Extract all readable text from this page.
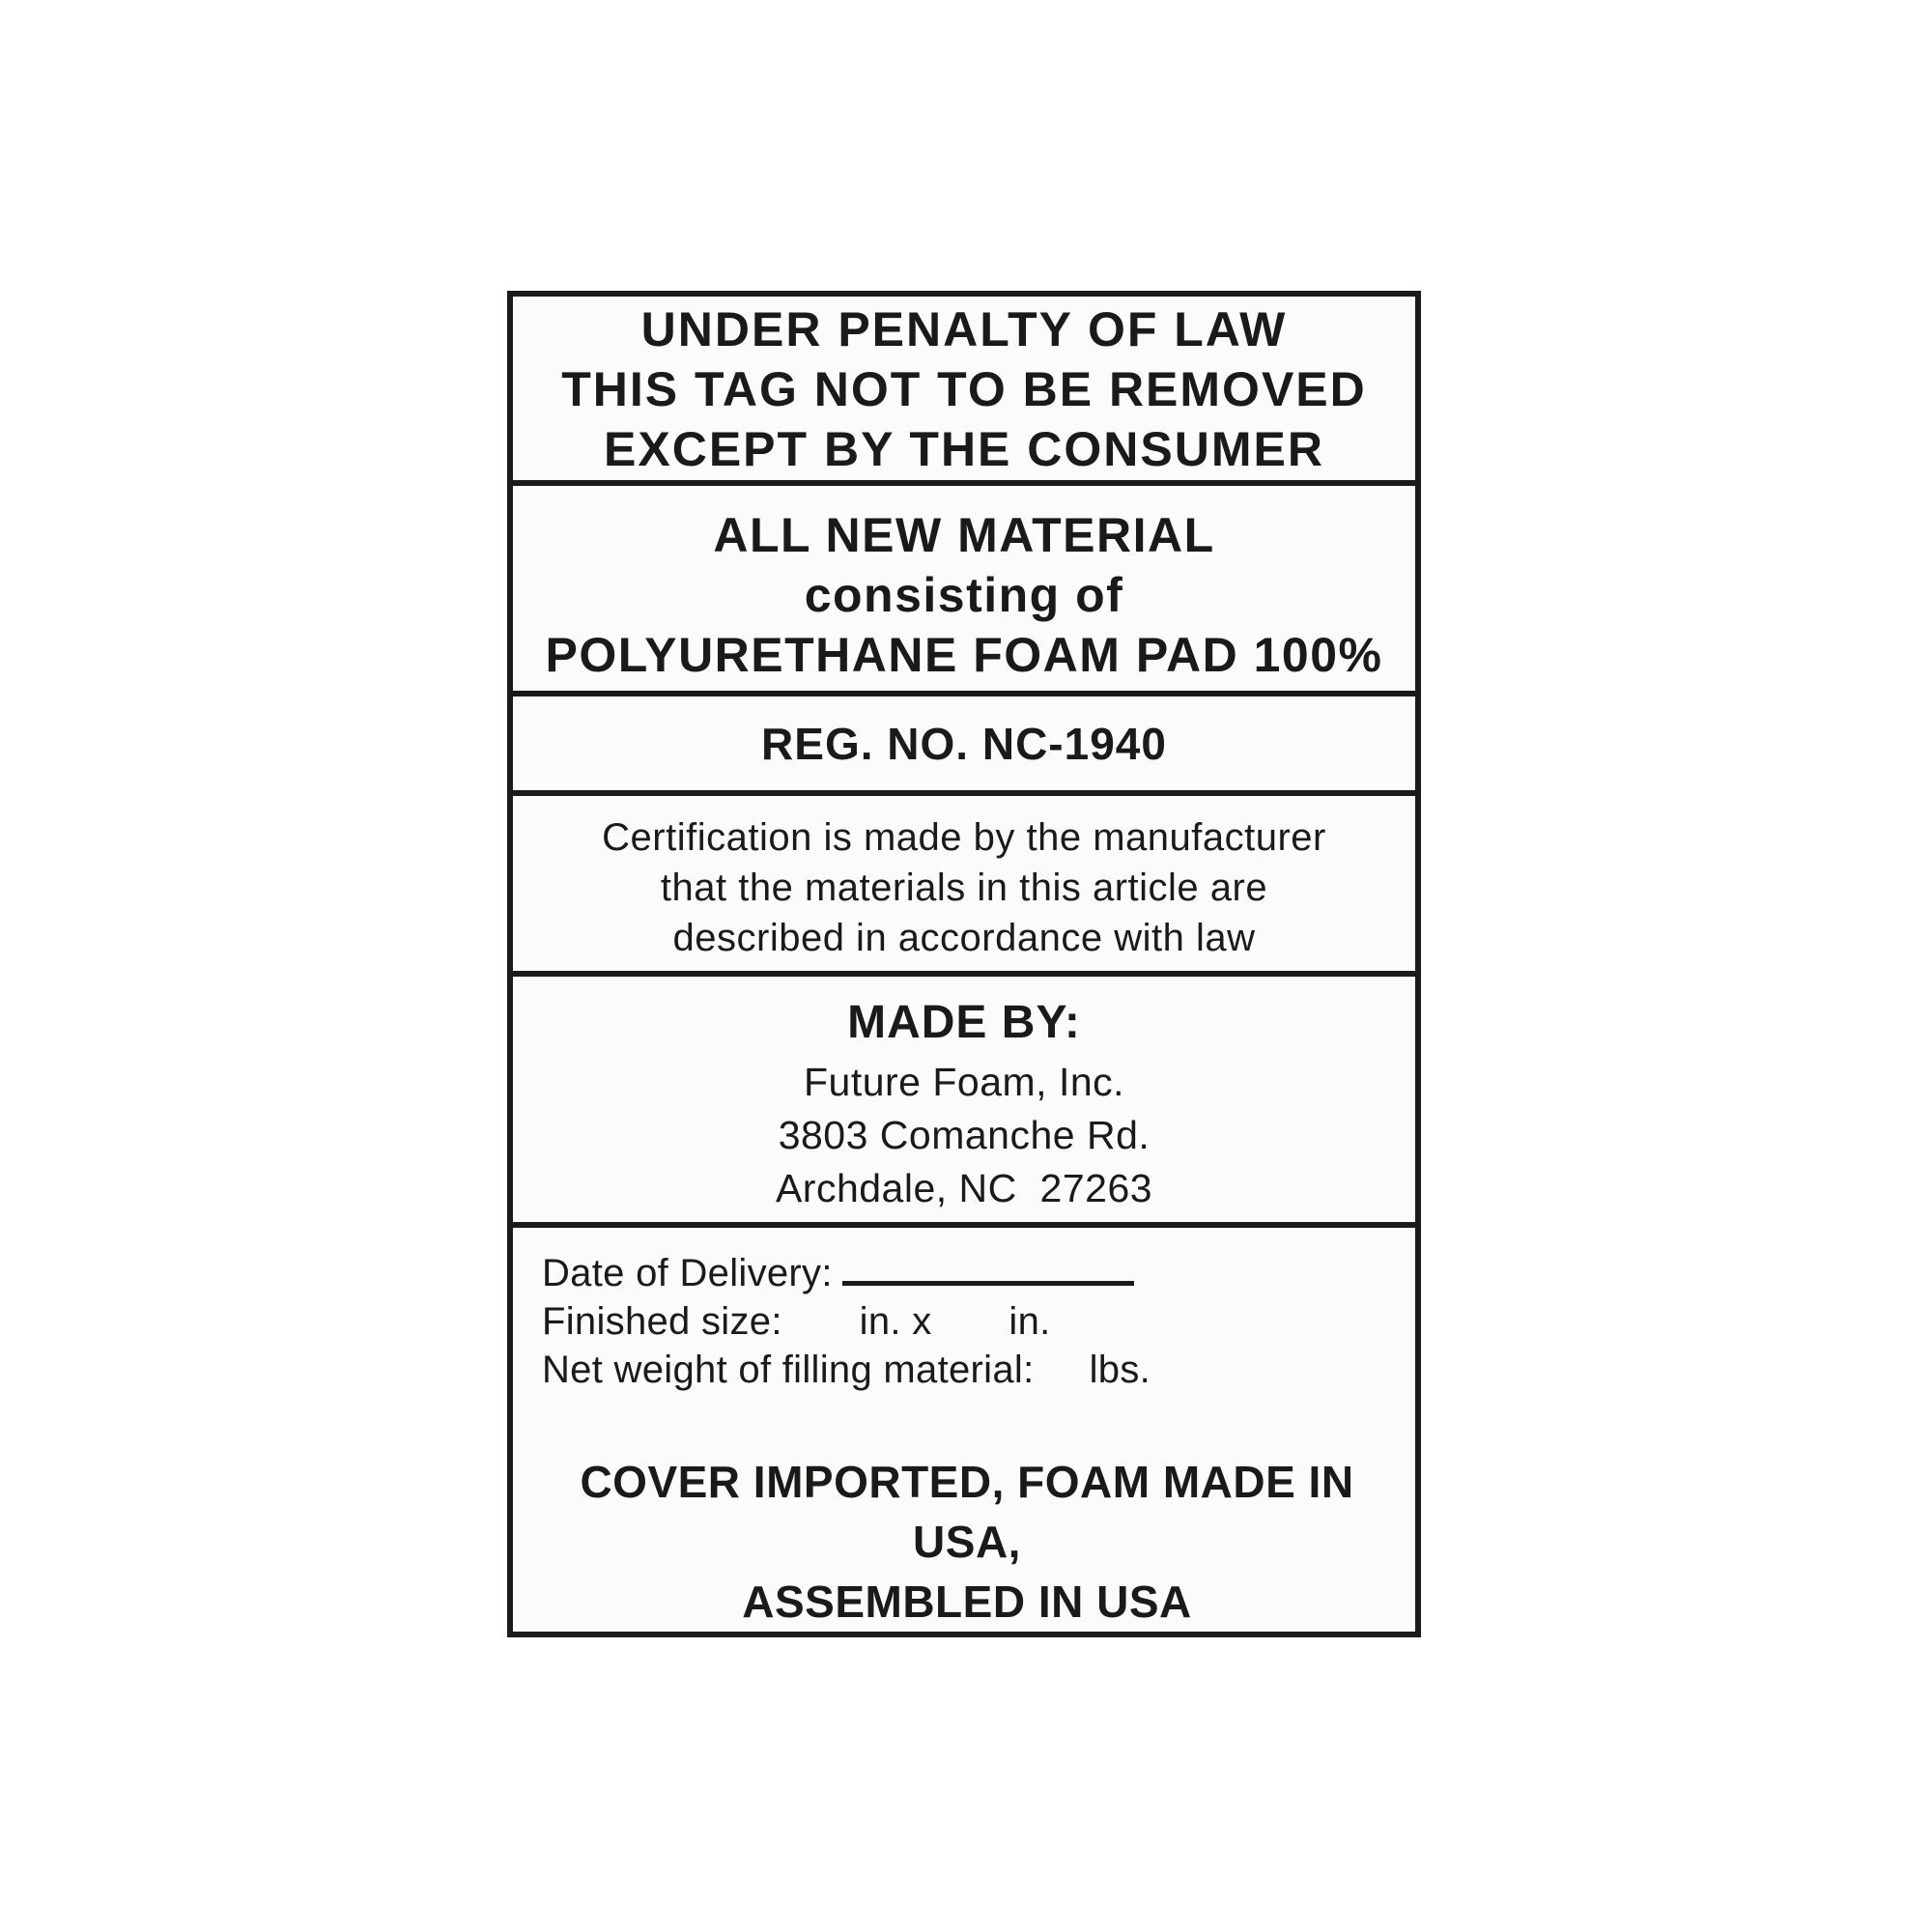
UNDER PENALTY OF LAW
THIS TAG NOT TO BE REMOVED
EXCEPT BY THE CONSUMER
ALL NEW MATERIAL
consisting of
POLYURETHANE FOAM PAD 100%
REG. NO. NC-1940
Certification is made by the manufacturer
that the materials in this article are
described in accordance with law
MADE BY:
Future Foam, Inc.
3803 Comanche Rd.
Archdale, NC  27263
Date of Delivery:
Finished size:       in. x       in.
Net weight of filling material:     lbs.
COVER IMPORTED, FOAM MADE IN USA,
ASSEMBLED IN USA
